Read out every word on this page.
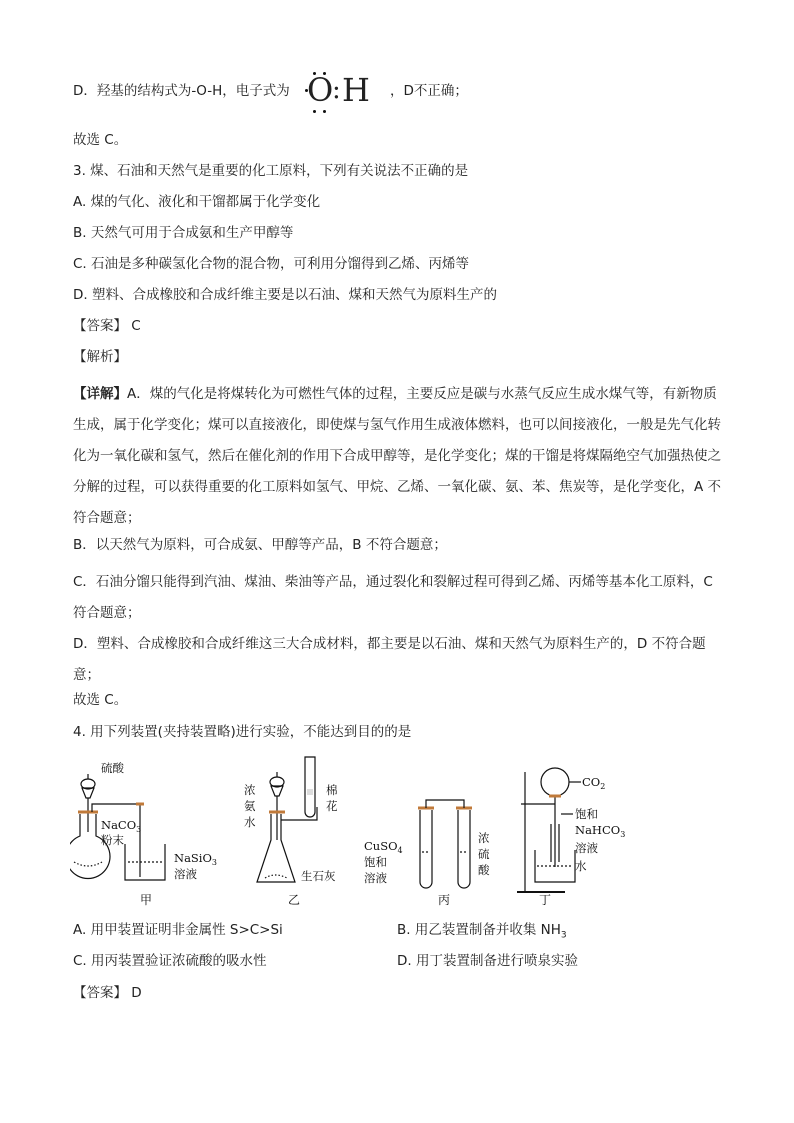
D．羟基的结构式为-O-H，电子式为 O
: H ，D不正确；
故选 C。
3. 煤、石油和天然气是重要的化工原料，下列有关说法不正确的是
A. 煤的气化、液化和干馏都属于化学变化
B. 天然气可用于合成氨和生产甲醇等
C. 石油是多种碳氢化合物的混合物，可利用分馏得到乙烯、丙烯等
D. 塑料、合成橡胶和合成纤维主要是以石油、煤和天然气为原料生产的
【答案】 C
【解析】
【详解】A．煤的气化是将煤转化为可燃性气体的过程，主要反应是碳与水蒸气反应生成水煤气等，有新物质生成，属于化学变化；煤可以直接液化，即使煤与氢气作用生成液体燃料，也可以间接液化，一般是先气化转化为一氧化碳和氢气，然后在催化剂的作用下合成甲醇等，是化学变化；煤的干馏是将煤隔绝空气加强热使之分解的过程，可以获得重要的化工原料如氢气、甲烷、乙烯、一氧化碳、氨、苯、焦炭等，是化学变化，A 不符合题意；
B．以天然气为原料，可合成氨、甲醇等产品，B 不符合题意；
C．石油分馏只能得到汽油、煤油、柴油等产品，通过裂化和裂解过程可得到乙烯、丙烯等基本化工原料，C 符合题意；
D．塑料、合成橡胶和合成纤维这三大合成材料，都主要是以石油、煤和天然气为原料生产的，D 不符合题意；
故选 C。
4. 用下列装置(夹持装置略)进行实验，不能达到目的的是
硫酸
NaCO$_3$
粉末
NaSiO$_3$
溶液
甲
浓
氨
水
棉
花
生石灰
乙
CuSO$_4$
饱和
溶液
浓
硫
酸
丙
$CO_2$
饱和
NaHCO$_3$
溶液
水
丁
A. 用甲装置证明非金属性 S>C>Si	B. 用乙装置制备并收集 $NH_3$
C. 用丙装置验证浓硫酸的吸水性	D. 用丁装置制备进行喷泉实验
【答案】 D
